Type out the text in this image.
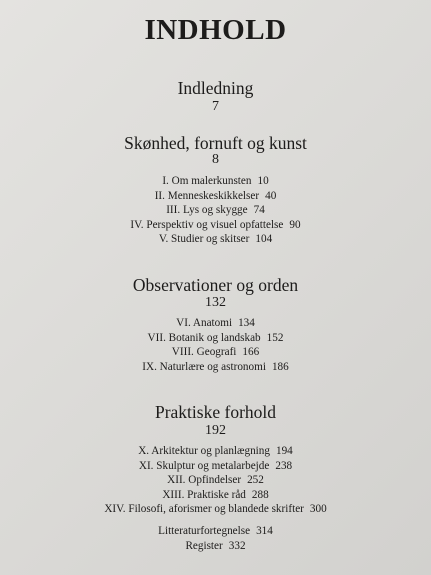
INDHOLD
Indledning
7
Skønhed, fornuft og kunst
8
I. Om malerkunsten 10
II. Menneskeskikkelser 40
III. Lys og skygge 74
IV. Perspektiv og visuel opfattelse 90
V. Studier og skitser 104
Observationer og orden
132
VI. Anatomi 134
VII. Botanik og landskab 152
VIII. Geografi 166
IX. Naturlære og astronomi 186
Praktiske forhold
192
X. Arkitektur og planlægning 194
XI. Skulptur og metalarbejde 238
XII. Opfindelser 252
XIII. Praktiske råd 288
XIV. Filosofi, aforismer og blandede skrifter 300
Litteraturfortegnelse 314
Register 332
